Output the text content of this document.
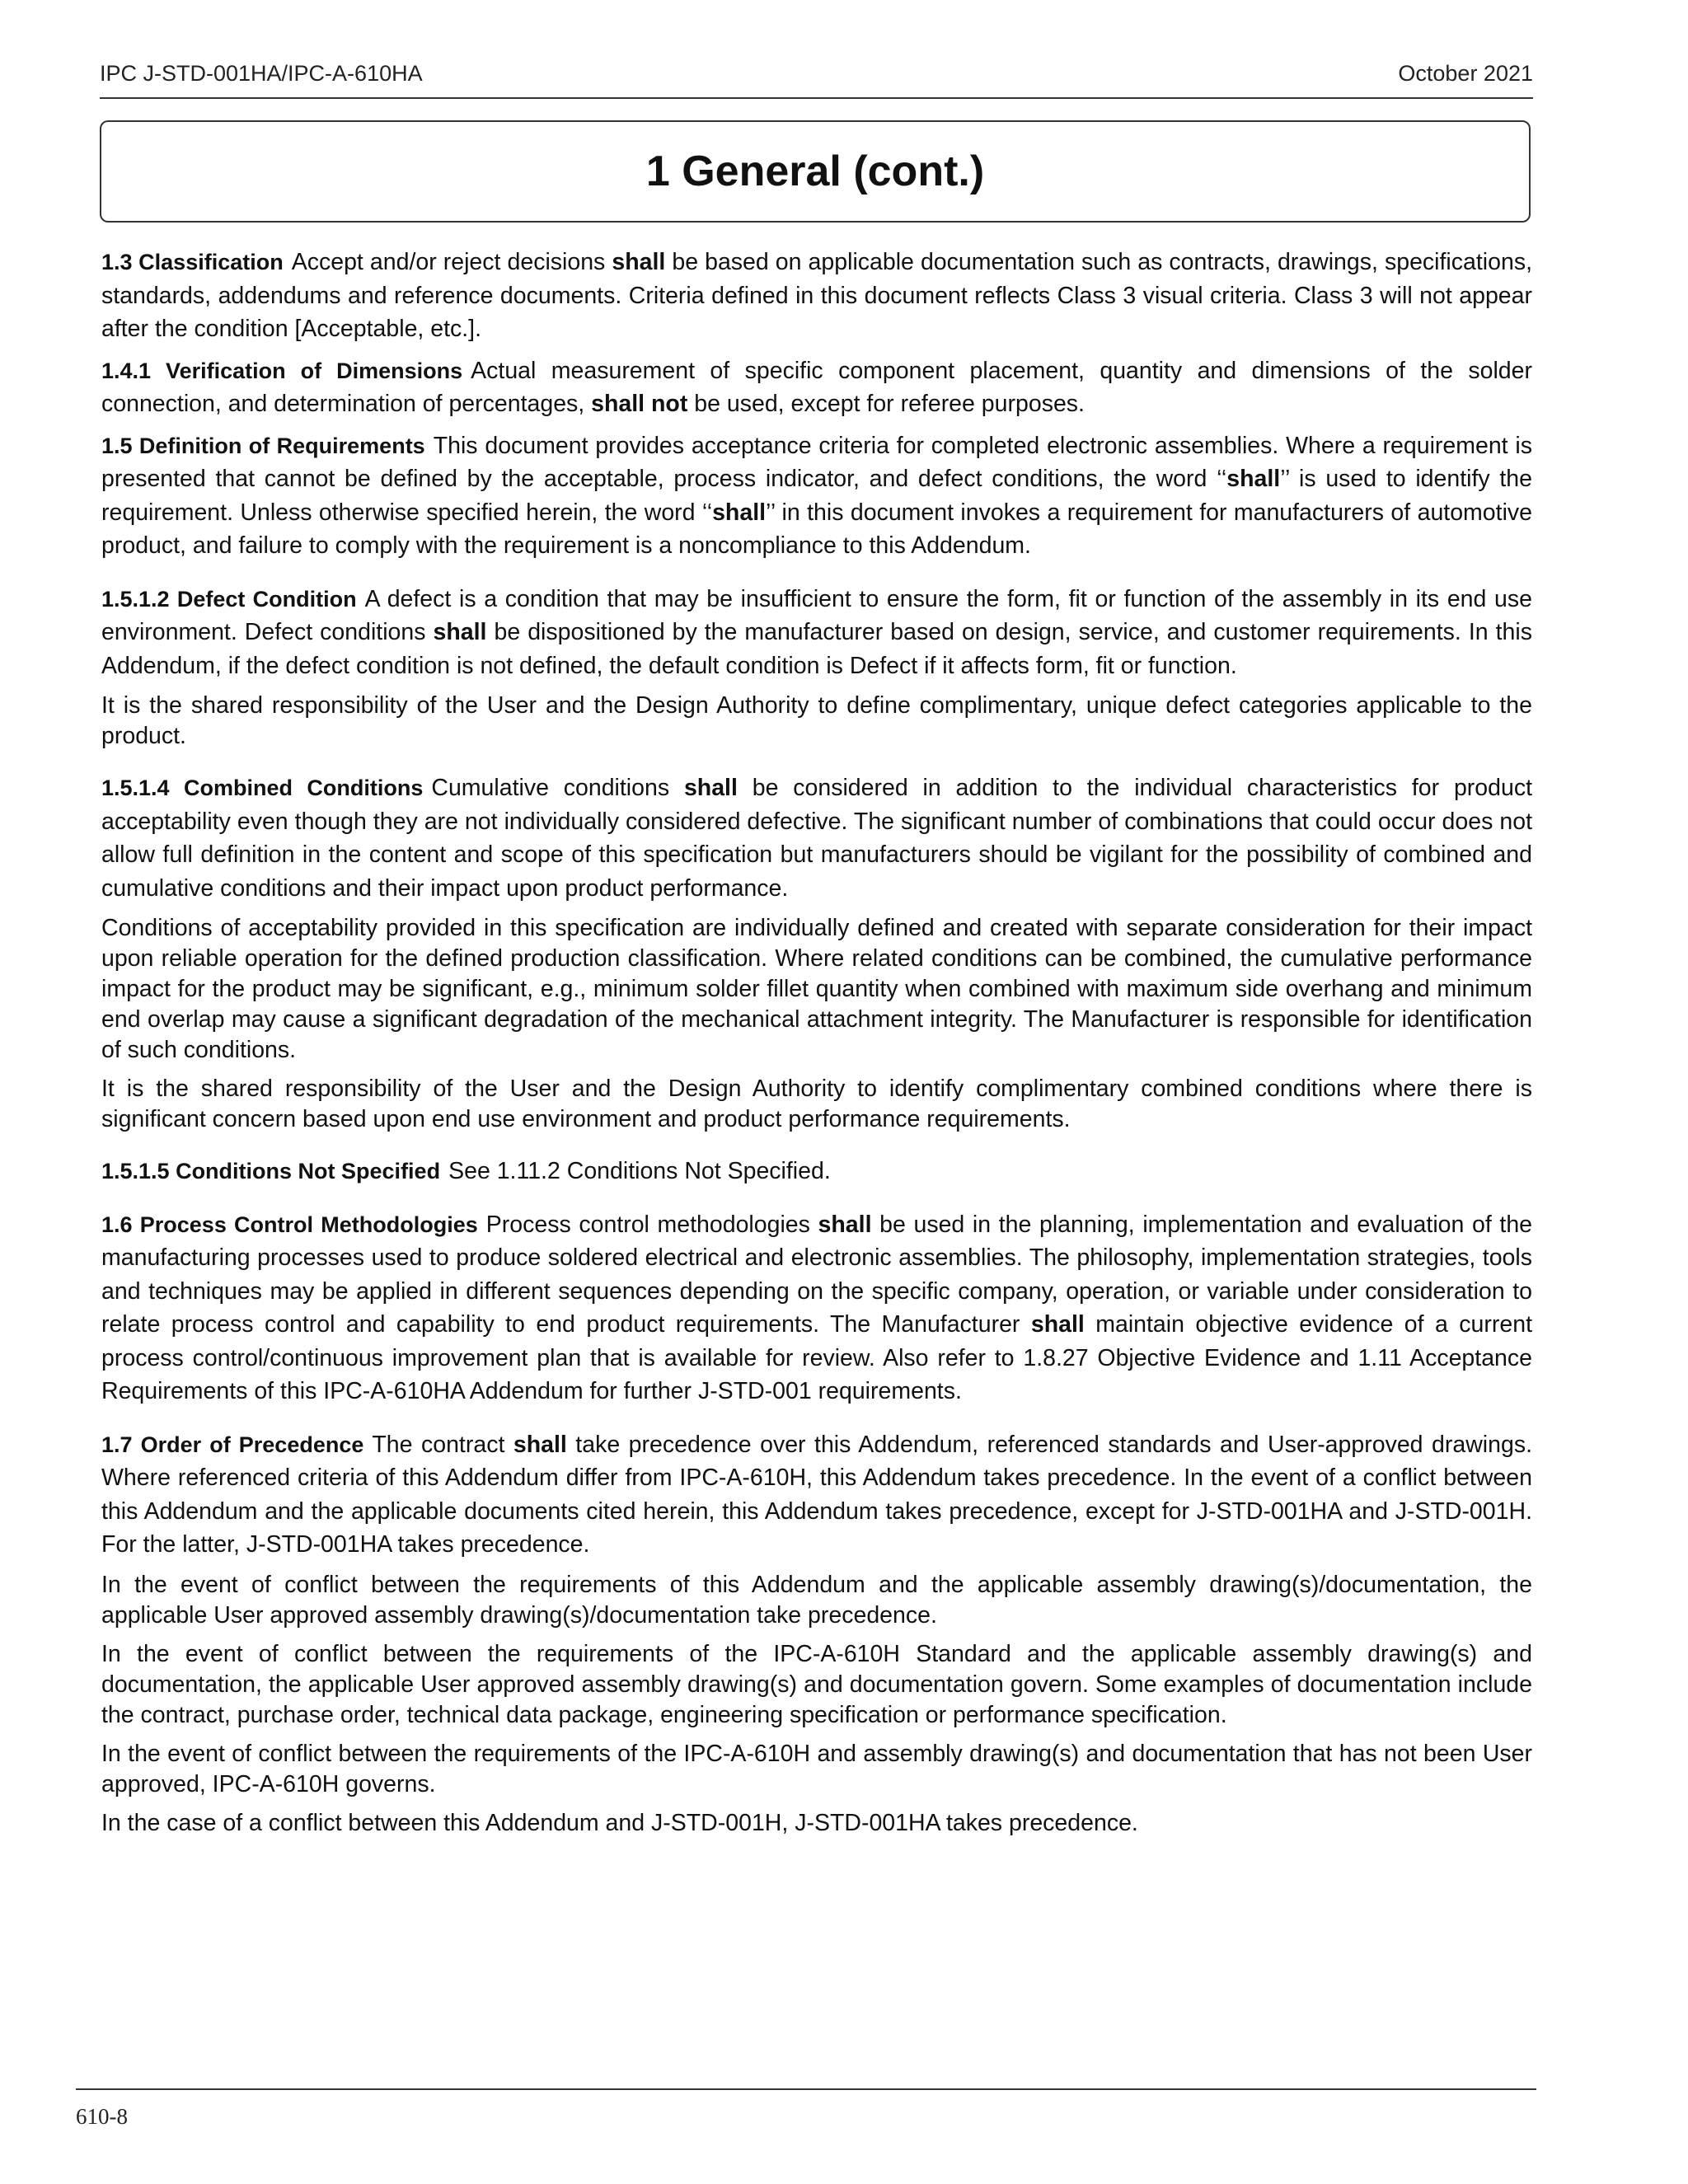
IPC J-STD-001HA/IPC-A-610HA	October 2021
1 General (cont.)

1.3 Classification Accept and/or reject decisions shall be based on applicable documentation such as contracts, drawings, specifications, standards, addendums and reference documents. Criteria defined in this document reflects Class 3 visual criteria. Class 3 will not appear after the condition [Acceptable, etc.].

1.4.1 Verification of Dimensions Actual measurement of specific component placement, quantity and dimensions of the solder connection, and determination of percentages, shall not be used, except for referee purposes.

1.5 Definition of Requirements This document provides acceptance criteria for completed electronic assemblies. Where a requirement is presented that cannot be defined by the acceptable, process indicator, and defect conditions, the word ‘‘shall’’ is used to identify the requirement. Unless otherwise specified herein, the word ‘‘shall’’ in this document invokes a requirement for manufacturers of automotive product, and failure to comply with the requirement is a noncompliance to this Addendum.

1.5.1.2 Defect Condition A defect is a condition that may be insufficient to ensure the form, fit or function of the assembly in its end use environment. Defect conditions shall be dispositioned by the manufacturer based on design, service, and customer requirements. In this Addendum, if the defect condition is not defined, the default condition is Defect if it affects form, fit or function.

It is the shared responsibility of the User and the Design Authority to define complimentary, unique defect categories applicable to the product.

1.5.1.4 Combined Conditions Cumulative conditions shall be considered in addition to the individual characteristics for product acceptability even though they are not individually considered defective. The significant number of combinations that could occur does not allow full definition in the content and scope of this specification but manufacturers should be vigilant for the possibility of combined and cumulative conditions and their impact upon product performance.

Conditions of acceptability provided in this specification are individually defined and created with separate consideration for their impact upon reliable operation for the defined production classification. Where related conditions can be combined, the cumulative performance impact for the product may be significant, e.g., minimum solder fillet quantity when combined with maximum side overhang and minimum end overlap may cause a significant degradation of the mechanical attachment integrity. The Manufacturer is responsible for identification of such conditions.

It is the shared responsibility of the User and the Design Authority to identify complimentary combined conditions where there is significant concern based upon end use environment and product performance requirements.

1.5.1.5 Conditions Not Specified See 1.11.2 Conditions Not Specified.

1.6 Process Control Methodologies Process control methodologies shall be used in the planning, implementation and evaluation of the manufacturing processes used to produce soldered electrical and electronic assemblies. The philosophy, implementation strategies, tools and techniques may be applied in different sequences depending on the specific company, operation, or variable under consideration to relate process control and capability to end product requirements. The Manufacturer shall maintain objective evidence of a current process control/continuous improvement plan that is available for review. Also refer to 1.8.27 Objective Evidence and 1.11 Acceptance Requirements of this IPC-A-610HA Addendum for further J-STD-001 requirements.

1.7 Order of Precedence The contract shall take precedence over this Addendum, referenced standards and User-approved drawings. Where referenced criteria of this Addendum differ from IPC-A-610H, this Addendum takes precedence. In the event of a conflict between this Addendum and the applicable documents cited herein, this Addendum takes precedence, except for J-STD-001HA and J-STD-001H. For the latter, J-STD-001HA takes precedence.

In the event of conflict between the requirements of this Addendum and the applicable assembly drawing(s)/documentation, the applicable User approved assembly drawing(s)/documentation take precedence.

In the event of conflict between the requirements of the IPC-A-610H Standard and the applicable assembly drawing(s) and documentation, the applicable User approved assembly drawing(s) and documentation govern. Some examples of documentation include the contract, purchase order, technical data package, engineering specification or performance specification.

In the event of conflict between the requirements of the IPC-A-610H and assembly drawing(s) and documentation that has not been User approved, IPC-A-610H governs.

In the case of a conflict between this Addendum and J-STD-001H, J-STD-001HA takes precedence.

610-8
